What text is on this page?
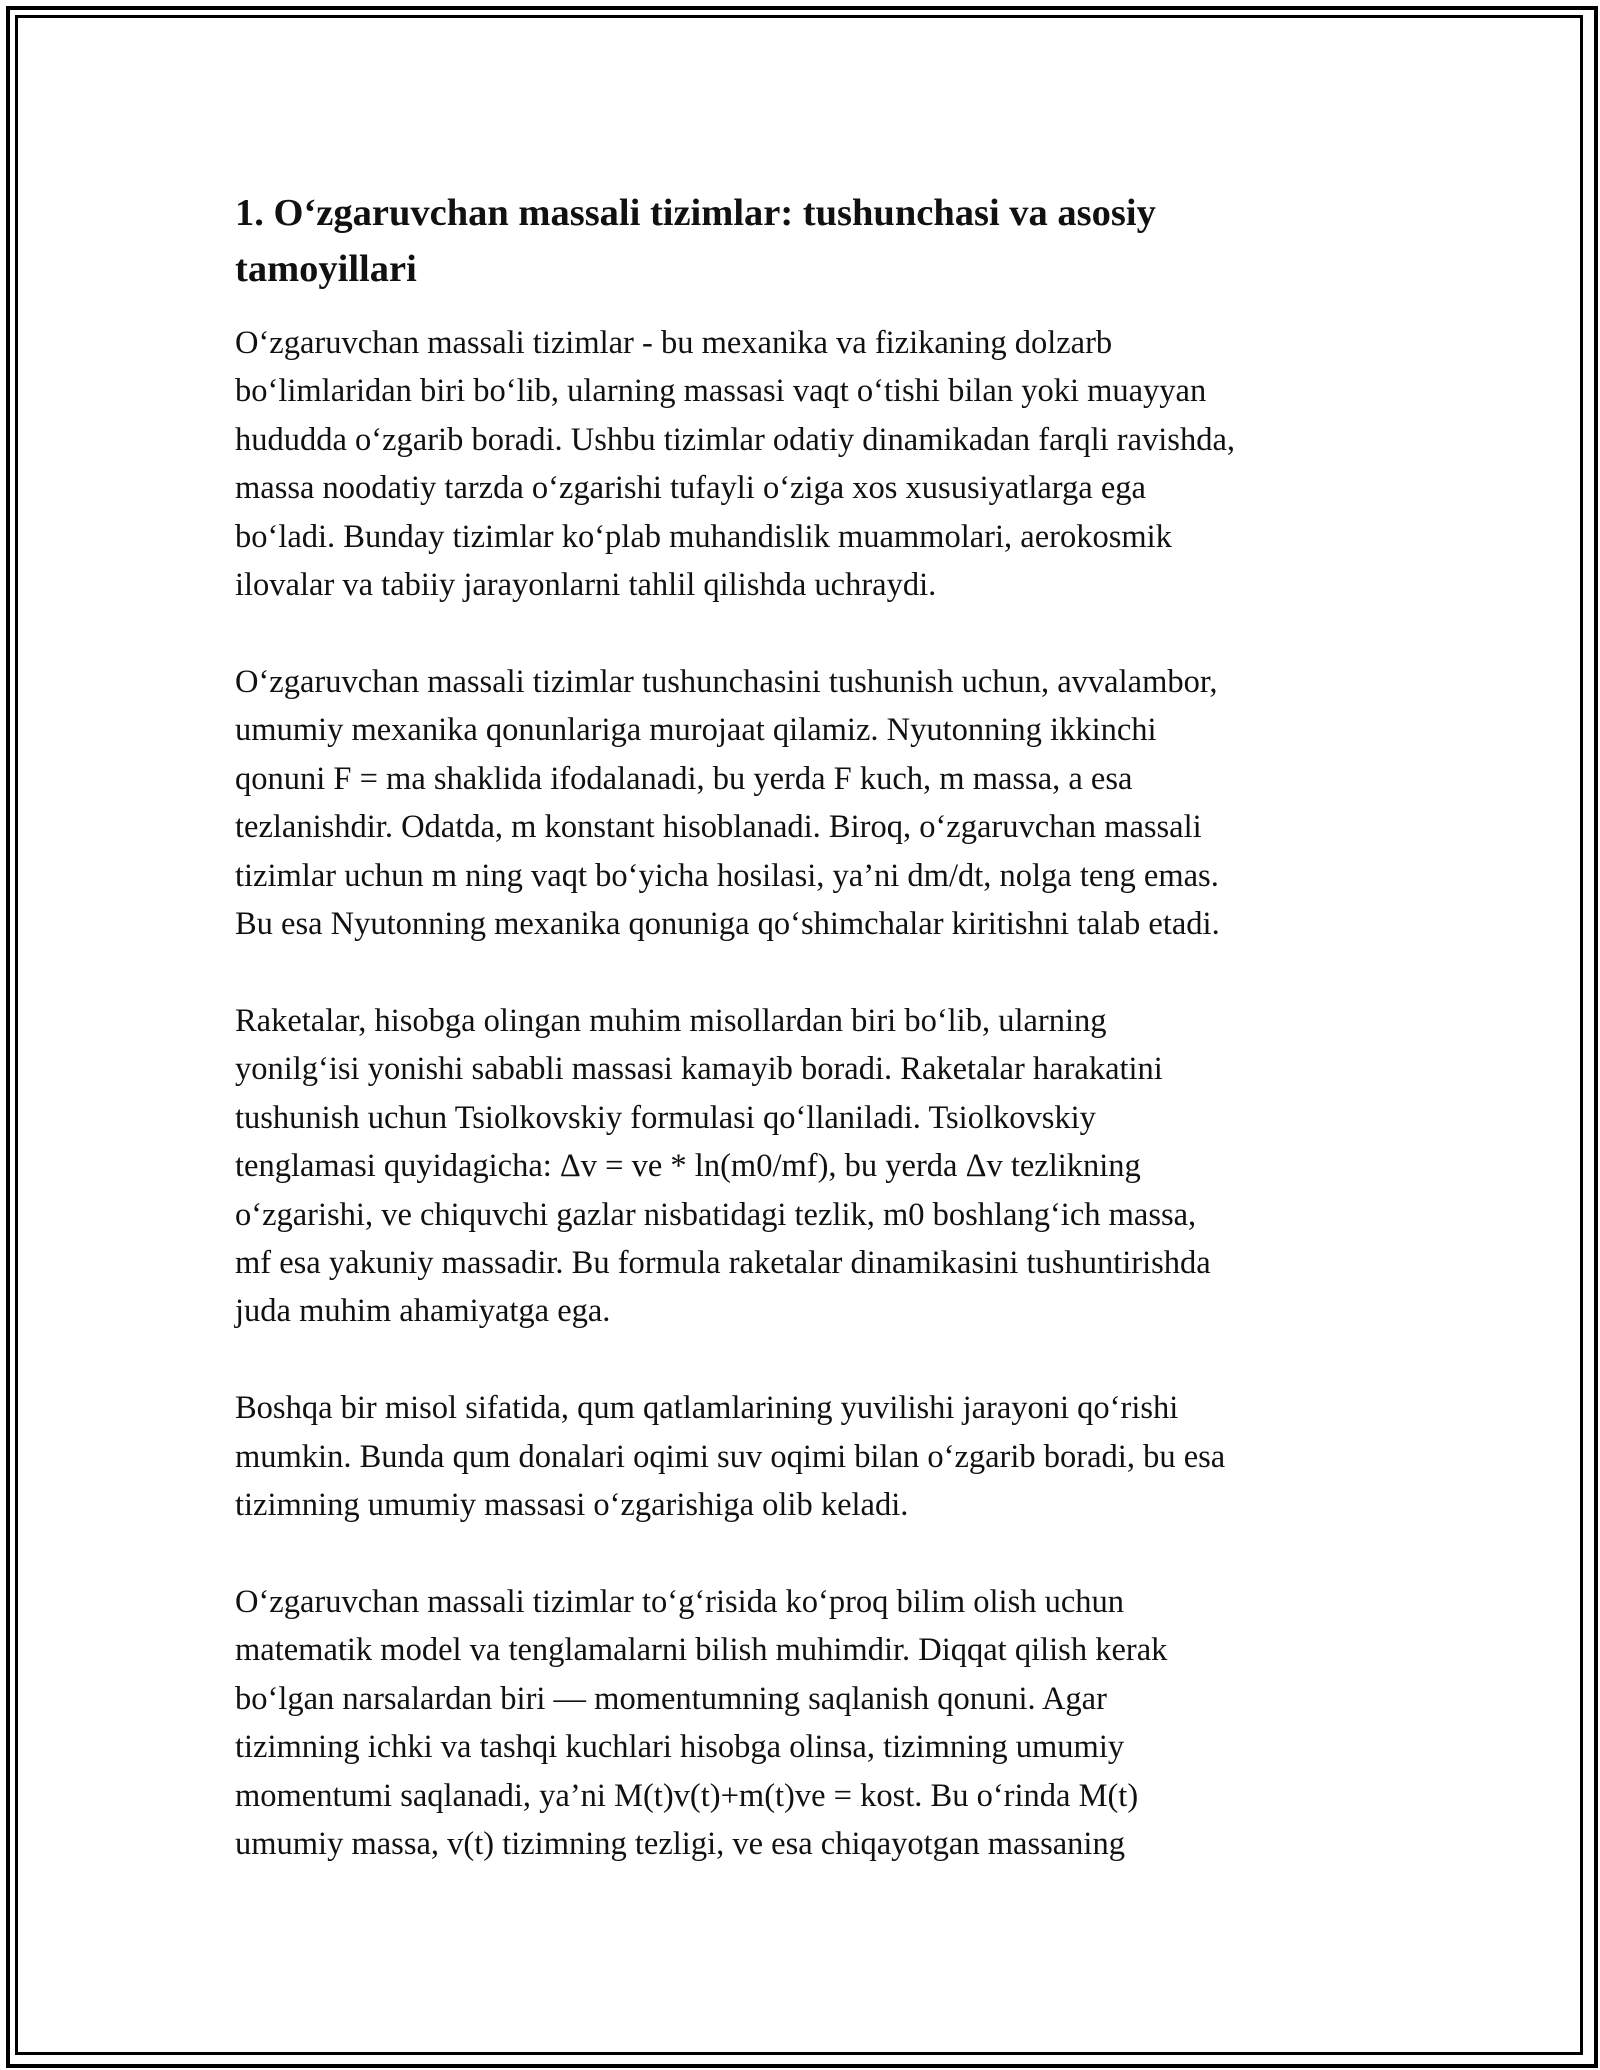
1. O‘zgaruvchan massali tizimlar: tushunchasi va asosiy
tamoyillari

O‘zgaruvchan massali tizimlar - bu mexanika va fizikaning dolzarb
bo‘limlaridan biri bo‘lib, ularning massasi vaqt o‘tishi bilan yoki muayyan
hududda o‘zgarib boradi. Ushbu tizimlar odatiy dinamikadan farqli ravishda,
massa noodatiy tarzda o‘zgarishi tufayli o‘ziga xos xususiyatlarga ega
bo‘ladi. Bunday tizimlar ko‘plab muhandislik muammolari, aerokosmik
ilovalar va tabiiy jarayonlarni tahlil qilishda uchraydi.

O‘zgaruvchan massali tizimlar tushunchasini tushunish uchun, avvalambor,
umumiy mexanika qonunlariga murojaat qilamiz. Nyutonning ikkinchi
qonuni F = ma shaklida ifodalanadi, bu yerda F kuch, m massa, a esa
tezlanishdir. Odatda, m konstant hisoblanadi. Biroq, o‘zgaruvchan massali
tizimlar uchun m ning vaqt bo‘yicha hosilasi, ya’ni dm/dt, nolga teng emas.
Bu esa Nyutonning mexanika qonuniga qo‘shimchalar kiritishni talab etadi.

Raketalar, hisobga olingan muhim misollardan biri bo‘lib, ularning
yonilg‘isi yonishi sababli massasi kamayib boradi. Raketalar harakatini
tushunish uchun Tsiolkovskiy formulasi qo‘llaniladi. Tsiolkovskiy
tenglamasi quyidagicha: Δv = ve * ln(m0/mf), bu yerda Δv tezlikning
o‘zgarishi, ve chiquvchi gazlar nisbatidagi tezlik, m0 boshlang‘ich massa,
mf esa yakuniy massadir. Bu formula raketalar dinamikasini tushuntirishda
juda muhim ahamiyatga ega.

Boshqa bir misol sifatida, qum qatlamlarining yuvilishi jarayoni qo‘rishi
mumkin. Bunda qum donalari oqimi suv oqimi bilan o‘zgarib boradi, bu esa
tizimning umumiy massasi o‘zgarishiga olib keladi.

O‘zgaruvchan massali tizimlar to‘g‘risida ko‘proq bilim olish uchun
matematik model va tenglamalarni bilish muhimdir. Diqqat qilish kerak
bo‘lgan narsalardan biri — momentumning saqlanish qonuni. Agar
tizimning ichki va tashqi kuchlari hisobga olinsa, tizimning umumiy
momentumi saqlanadi, ya’ni M(t)v(t)+m(t)ve = kost. Bu o‘rinda M(t)
umumiy massa, v(t) tizimning tezligi, ve esa chiqayotgan massaning
